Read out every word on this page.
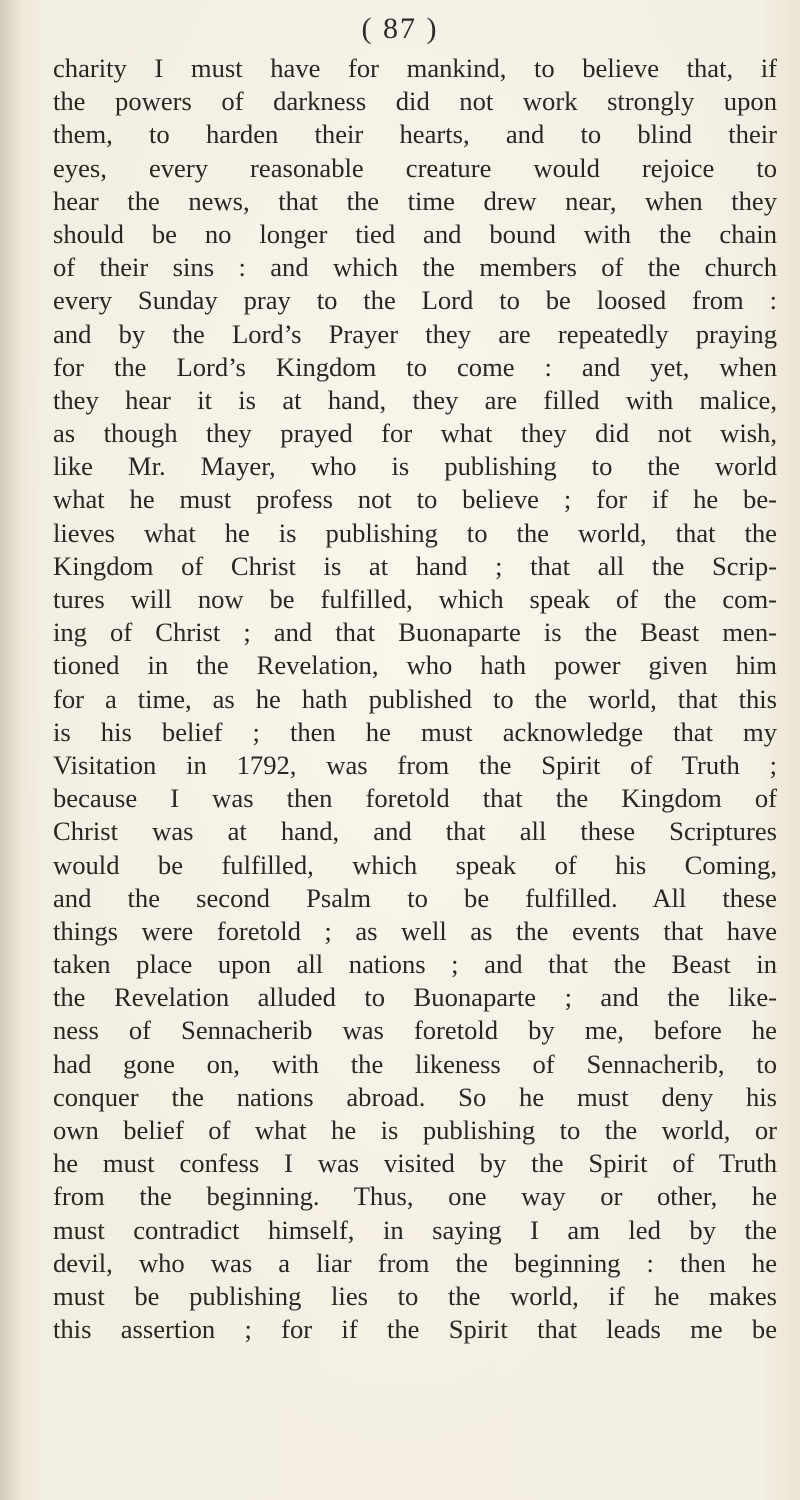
( 87 )
charity I must have for mankind, to believe that, if
the powers of darkness did not work strongly upon
them, to harden their hearts, and to blind their
eyes, every reasonable creature would rejoice to
hear the news, that the time drew near, when they
should be no longer tied and bound with the chain
of their sins : and which the members of the church
every Sunday pray to the Lord to be loosed from :
and by the Lord’s Prayer they are repeatedly praying
for the Lord’s Kingdom to come : and yet, when
they hear it is at hand, they are filled with malice,
as though they prayed for what they did not wish,
like Mr. Mayer, who is publishing to the world
what he must profess not to believe ; for if he be-
lieves what he is publishing to the world, that the
Kingdom of Christ is at hand ; that all the Scrip-
tures will now be fulfilled, which speak of the com-
ing of Christ ; and that Buonaparte is the Beast men-
tioned in the Revelation, who hath power given him
for a time, as he hath published to the world, that this
is his belief ; then he must acknowledge that my
Visitation in 1792, was from the Spirit of Truth ;
because I was then foretold that the Kingdom of
Christ was at hand, and that all these Scriptures
would be fulfilled, which speak of his Coming,
and the second Psalm to be fulfilled. All these
things were foretold ; as well as the events that have
taken place upon all nations ; and that the Beast in
the Revelation alluded to Buonaparte ; and the like-
ness of Sennacherib was foretold by me, before he
had gone on, with the likeness of Sennacherib, to
conquer the nations abroad. So he must deny his
own belief of what he is publishing to the world, or
he must confess I was visited by the Spirit of Truth
from the beginning. Thus, one way or other, he
must contradict himself, in saying I am led by the
devil, who was a liar from the beginning : then he
must be publishing lies to the world, if he makes
this assertion ; for if the Spirit that leads me be
